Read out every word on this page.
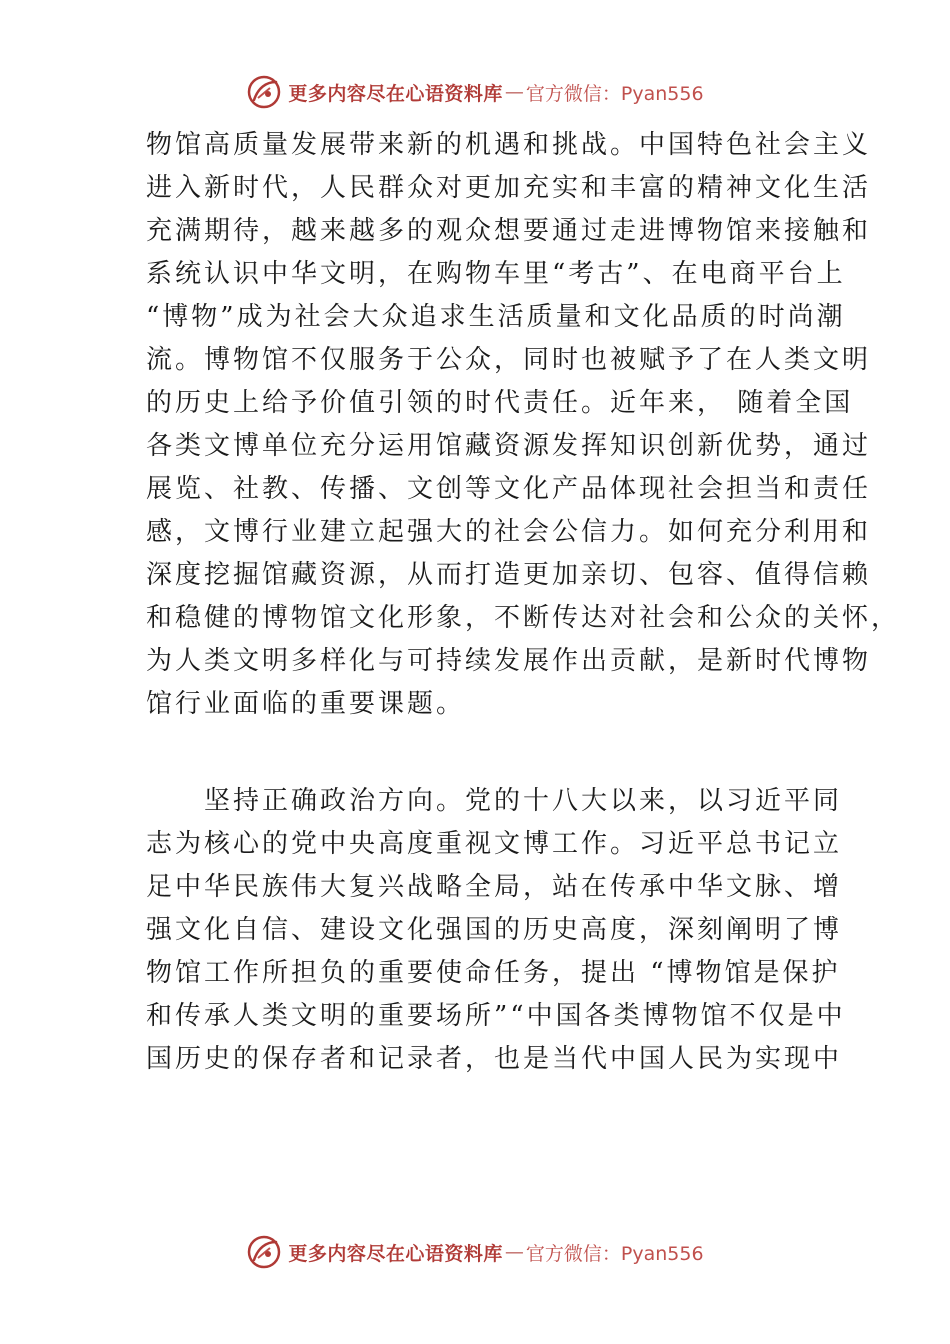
更多内容尽在心语资料库 — 官方微信：Pyan556
物馆高质量发展带来新的机遇和挑战。中国特色社会主义
进入新时代，人民群众对更加充实和丰富的精神文化生活
充满期待，越来越多的观众想要通过走进博物馆来接触和
系统认识中华文明，在购物车里“考古”、在电商平台上
“博物”成为社会大众追求生活质量和文化品质的时尚潮
流。博物馆不仅服务于公众，同时也被赋予了在人类文明
的历史上给予价值引领的时代责任。近年来， 随着全国
各类文博单位充分运用馆藏资源发挥知识创新优势，通过
展览、社教、传播、文创等文化产品体现社会担当和责任
感，文博行业建立起强大的社会公信力。如何充分利用和
深度挖掘馆藏资源，从而打造更加亲切、包容、值得信赖
和稳健的博物馆文化形象，不断传达对社会和公众的关怀，
为人类文明多样化与可持续发展作出贡献，是新时代博物
馆行业面临的重要课题。
　　坚持正确政治方向。党的十八大以来，以习近平同
志为核心的党中央高度重视文博工作。习近平总书记立
足中华民族伟大复兴战略全局，站在传承中华文脉、增
强文化自信、建设文化强国的历史高度，深刻阐明了博
物馆工作所担负的重要使命任务，提出 “博物馆是保护
和传承人类文明的重要场所”“中国各类博物馆不仅是中
国历史的保存者和记录者，也是当代中国人民为实现中
更多内容尽在心语资料库 — 官方微信：Pyan556
